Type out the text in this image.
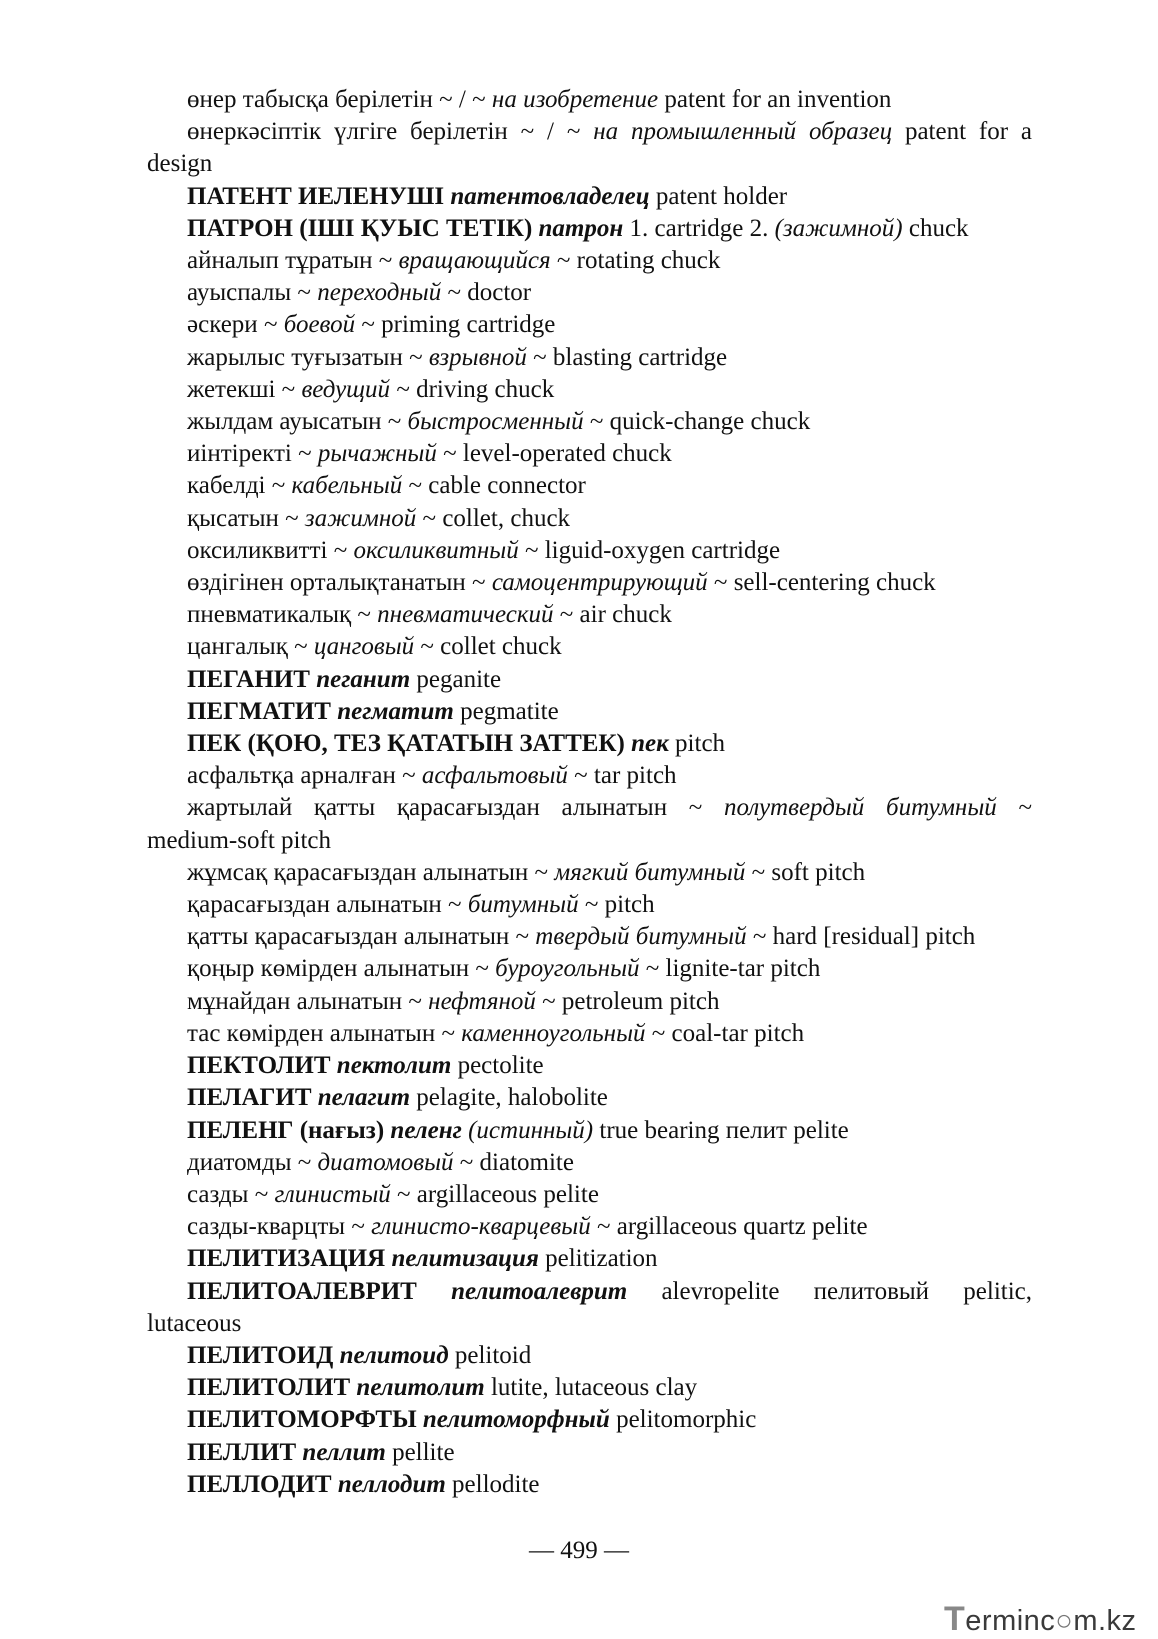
өнер табысқа берілетін ~ / ~ на изобретение patent for an invention
өнеркәсіптік үлгіге берілетін ~ / ~ на промышленный образец patent for a
design
ПАТЕНТ ИЕЛЕНУШІ патентовладелец patent holder
ПАТРОН (ІШІ ҚУЫС ТЕТІК) патрон 1. cartridge 2. (зажимной) chuck
айналып тұратын ~ вращающийся ~ rotating chuck
ауыспалы ~ переходный ~ doctor
әскери ~ боевой ~ priming cartridge
жарылыс туғызатын ~ взрывной ~ blasting cartridge
жетекші ~ ведущий ~ driving chuck
жылдам ауысатын ~ быстросменный ~ quick-change chuck
иінтіректі ~ рычажный ~ level-operated chuck
кабелді ~ кабельный ~ cable connector
қысатын ~ зажимной ~ collet, chuck
оксиликвитті ~ оксиликвитный ~ liguid-oxygen cartridge
өздігінен орталықтанатын ~ самоцентрирующий ~ sell-centering chuck
пневматикалық ~ пневматический ~ air chuck
цангалық ~ цанговый ~ collet chuck
ПЕГАНИТ пеганит peganite
ПЕГМАТИТ пегматит pegmatite
ПЕК (ҚОЮ, ТЕЗ ҚАТАТЫН ЗАТТЕК) пек pitch
асфальтқа арналған ~ асфальтовый ~ tar pitch
жартылай қатты қарасағыздан алынатын ~ полутвердый битумный ~
medium-soft pitch
жұмсақ қарасағыздан алынатын ~ мягкий битумный ~ soft pitch
қарасағыздан алынатын ~ битумный ~ pitch
қатты қарасағыздан алынатын ~ твердый битумный ~ hard [residual] pitch
қоңыр көмірден алынатын ~ буроугольный ~ lignite-tar pitch
мұнайдан алынатын ~ нефтяной ~ petroleum pitch
тас көмірден алынатын ~ каменноугольный ~ coal-tar pitch
ПЕКТОЛИТ пектолит pectolite
ПЕЛАГИТ пелагит pelagite, halobolite
ПЕЛЕНГ (нағыз) пеленг (истинный) true bearing пелит pelite
диатомды ~ диатомовый ~ diatomite
сазды ~ глинистый ~ argillaceous pelite
сазды-кварцты ~ глинисто-кварцевый ~ argillaceous quartz pelite
ПЕЛИТИЗАЦИЯ пелитизация pelitization
ПЕЛИТОАЛЕВРИТ пелитоалеврит alevropelite пелитовый pelitic,
lutaceous
ПЕЛИТОИД пелитоид pelitoid
ПЕЛИТОЛИТ пелитолит lutite, lutaceous clay
ПЕЛИТОМОРФТЫ пелитоморфный pelitomorphic
ПЕЛЛИТ пеллит pellite
ПЕЛЛОДИТ пеллодит pellodite
— 499 —
Terminc○m.kz
